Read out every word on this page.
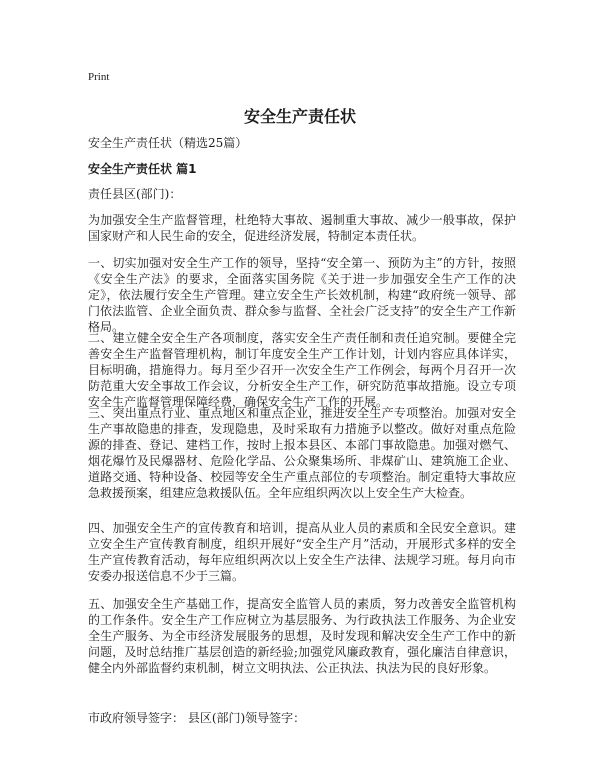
Print
安全生产责任状
安全生产责任状（精选25篇）
安全生产责任状 篇1

责任县区(部门)：

为加强安全生产监督管理，杜绝特大事故、遏制重大事故、减少一般事故，保护国家财产和人民生命的安全，促进经济发展，特制定本责任状。

一、切实加强对安全生产工作的领导，坚持“安全第一、预防为主”的方针，按照《安全生产法》的要求，全面落实国务院《关于进一步加强安全生产工作的决定》，依法履行安全生产管理。建立安全生产长效机制，构建“政府统一领导、部门依法监管、企业全面负责、群众参与监督、全社会广泛支持”的安全生产工作新格局。

二、建立健全安全生产各项制度，落实安全生产责任制和责任追究制。要健全完善安全生产监督管理机构，制订年度安全生产工作计划，计划内容应具体详实，目标明确，措施得力。每月至少召开一次安全生产工作例会，每两个月召开一次防范重大安全事故工作会议，分析安全生产工作，研究防范事故措施。设立专项安全生产监督管理保障经费，确保安全生产工作的开展。

三、突出重点行业、重点地区和重点企业，推进安全生产专项整治。加强对安全生产事故隐患的排查，发现隐患，及时采取有力措施予以整改。做好对重点危险源的排查、登记、建档工作，按时上报本县区、本部门事故隐患。加强对燃气、烟花爆竹及民爆器材、危险化学品、公众聚集场所、非煤矿山、建筑施工企业、道路交通、特种设备、校园等安全生产重点部位的专项整治。制定重特大事故应急救援预案，组建应急救援队伍。全年应组织两次以上安全生产大检查。

四、加强安全生产的宣传教育和培训，提高从业人员的素质和全民安全意识。建立安全生产宣传教育制度，组织开展好“安全生产月”活动，开展形式多样的安全生产宣传教育活动，每年应组织两次以上安全生产法律、法规学习班。每月向市安委办报送信息不少于三篇。

五、加强安全生产基础工作，提高安全监管人员的素质，努力改善安全监管机构的工作条件。安全生产工作应树立为基层服务、为行政执法工作服务、为企业安全生产服务、为全市经济发展服务的思想，及时发现和解决安全生产工作中的新问题，及时总结推广基层创造的新经验;加强党风廉政教育，强化廉洁自律意识，健全内外部监督约束机制，树立文明执法、公正执法、执法为民的良好形象。

市政府领导签字： 县区(部门)领导签字：
